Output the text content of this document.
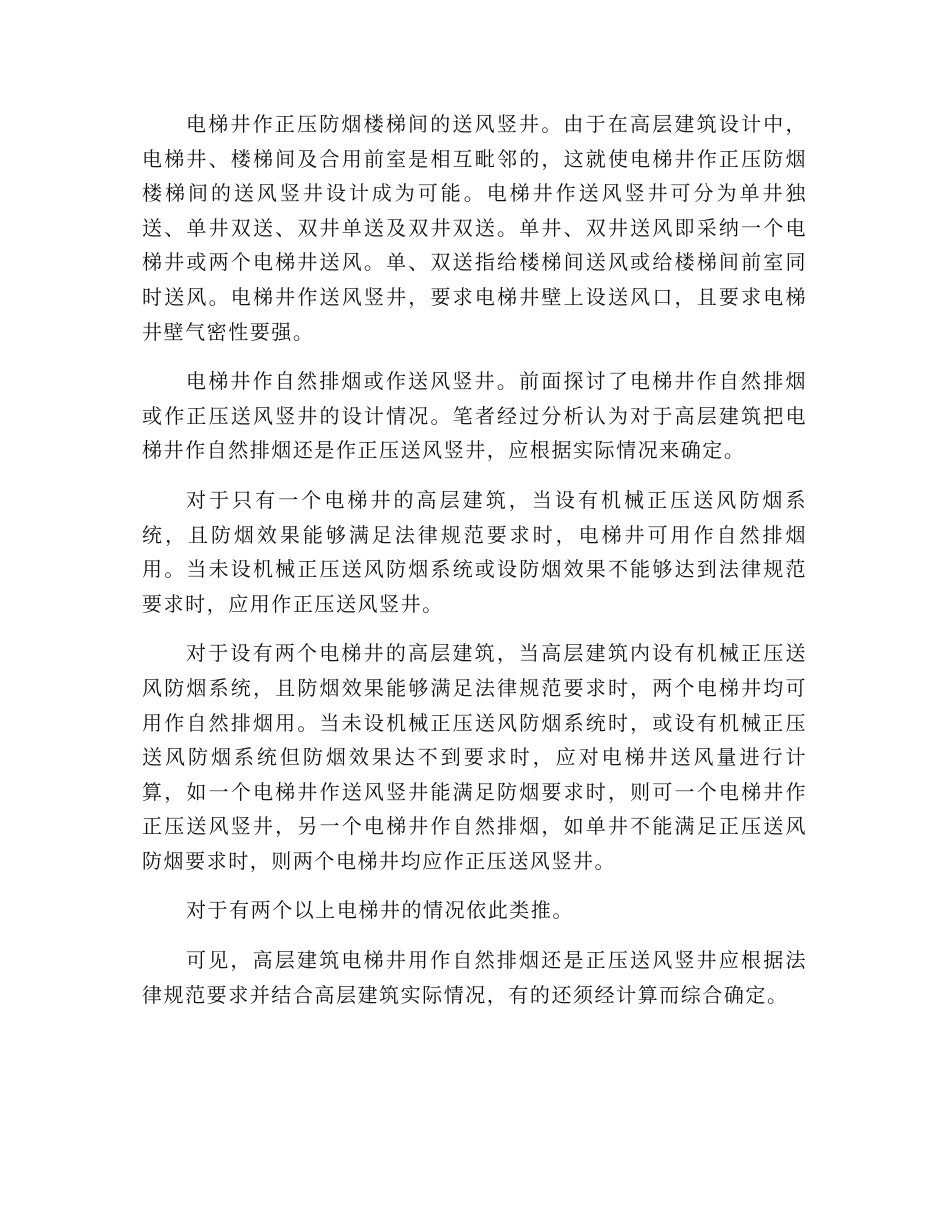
电梯井作正压防烟楼梯间的送风竖井。由于在高层建筑设计中，电梯井、楼梯间及合用前室是相互毗邻的，这就使电梯井作正压防烟楼梯间的送风竖井设计成为可能。电梯井作送风竖井可分为单井独送、单井双送、双井单送及双井双送。单井、双井送风即采纳一个电梯井或两个电梯井送风。单、双送指给楼梯间送风或给楼梯间前室同时送风。电梯井作送风竖井，要求电梯井壁上设送风口，且要求电梯井壁气密性要强。

电梯井作自然排烟或作送风竖井。前面探讨了电梯井作自然排烟或作正压送风竖井的设计情况。笔者经过分析认为对于高层建筑把电梯井作自然排烟还是作正压送风竖井，应根据实际情况来确定。

对于只有一个电梯井的高层建筑，当设有机械正压送风防烟系统，且防烟效果能够满足法律规范要求时，电梯井可用作自然排烟用。当未设机械正压送风防烟系统或设防烟效果不能够达到法律规范要求时，应用作正压送风竖井。

对于设有两个电梯井的高层建筑，当高层建筑内设有机械正压送风防烟系统，且防烟效果能够满足法律规范要求时，两个电梯井均可用作自然排烟用。当未设机械正压送风防烟系统时，或设有机械正压送风防烟系统但防烟效果达不到要求时，应对电梯井送风量进行计算，如一个电梯井作送风竖井能满足防烟要求时，则可一个电梯井作正压送风竖井，另一个电梯井作自然排烟，如单井不能满足正压送风防烟要求时，则两个电梯井均应作正压送风竖井。

对于有两个以上电梯井的情况依此类推。

可见，高层建筑电梯井用作自然排烟还是正压送风竖井应根据法律规范要求并结合高层建筑实际情况，有的还须经计算而综合确定。
